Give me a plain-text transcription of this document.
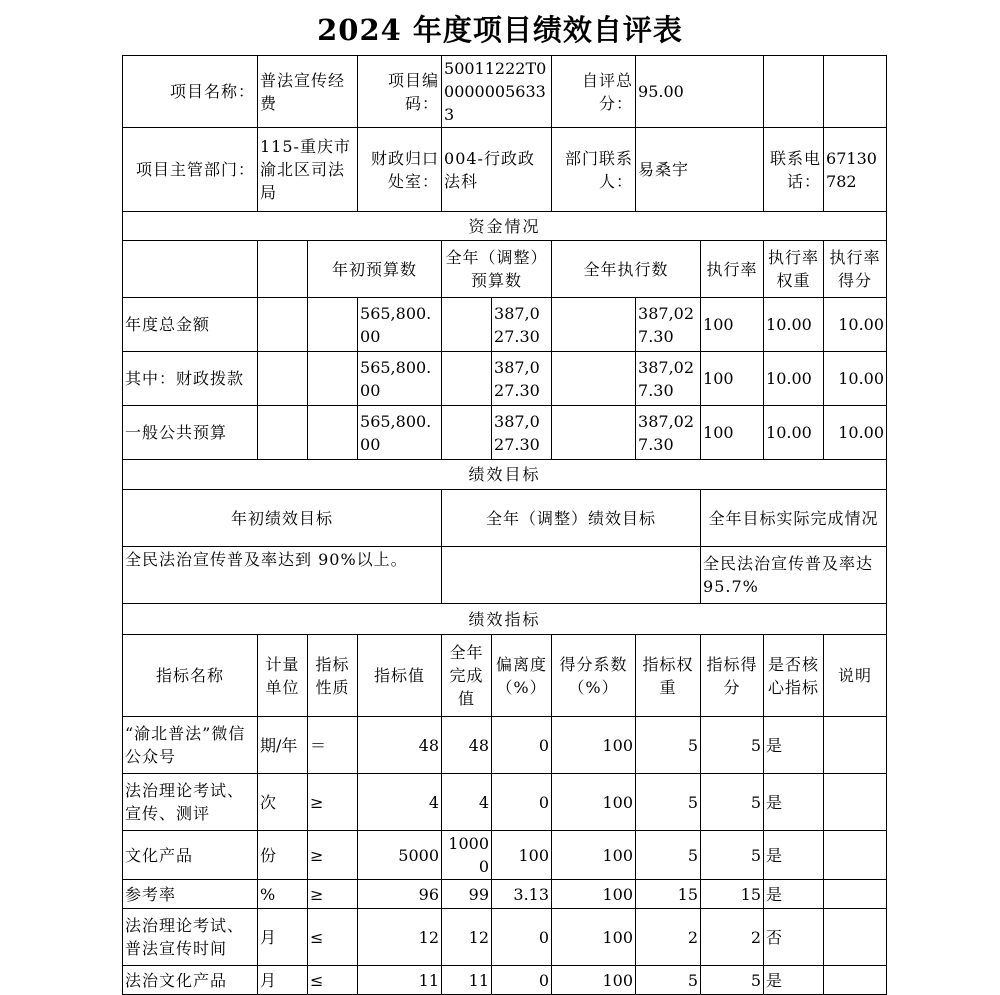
2024 年度项目绩效自评表
项目名称：	普法宣传经费		项目编码：	50011222T000000056333		自评总分：	95.00			
项目主管部门：	115-重庆市渝北区司法局		财政归口处室：	004-行政政法科		部门联系人：	易桑宇		联系电话：	67130782
资金情况										
		年初预算数		全年（调整）预算数		全年执行数		执行率	执行率权重	执行率得分
年度总金额			565,800.00		387,027.30		387,027.30	100	10.00	10.00
其中：财政拨款			565,800.00		387,027.30		387,027.30	100	10.00	10.00
一般公共预算			565,800.00		387,027.30		387,027.30	100	10.00	10.00
绩效目标										
年初绩效目标				全年（调整）绩效目标				全年目标实际完成情况		
全民法治宣传普及率达到 90%以上。								全民法治宣传普及率达 95.7%		
绩效指标										
指标名称	计量单位	指标性质	指标值	全年完成值	偏离度（%）	得分系数（%）	指标权重	指标得分	是否核心指标	说明
“渝北普法”微信公众号	期/年	＝	48	48	0	100	5	5	是	
法治理论考试、宣传、测评	次	≥	4	4	0	100	5	5	是	
文化产品	份	≥	5000	10000	100	100	5	5	是	
参考率	%	≥	96	99	3.13	100	15	15	是	
法治理论考试、普法宣传时间	月	≤	12	12	0	100	2	2	否	
法治文化产品	月	≤	11	11	0	100	5	5	是	
